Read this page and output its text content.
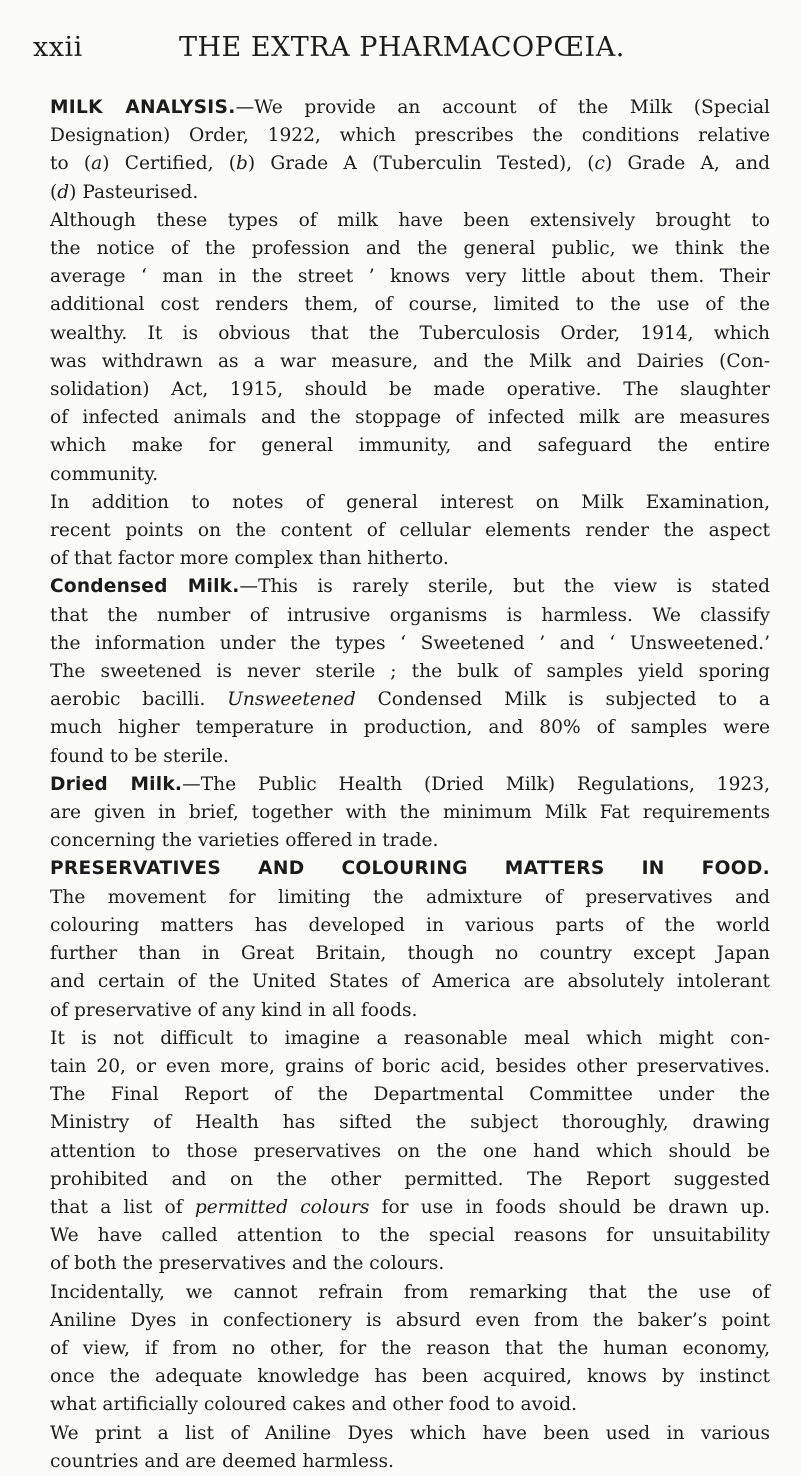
xxii	THE EXTRA PHARMACOPŒIA.
MILK ANALYSIS.—We provide an account of the Milk (Special
Designation) Order, 1922, which prescribes the conditions relative
to (a) Certified, (b) Grade A (Tuberculin Tested), (c) Grade A, and
(d) Pasteurised.
Although these types of milk have been extensively brought to
the notice of the profession and the general public, we think the
average ‘ man in the street ’ knows very little about them. Their
additional cost renders them, of course, limited to the use of the
wealthy. It is obvious that the Tuberculosis Order, 1914, which
was withdrawn as a war measure, and the Milk and Dairies (Con-
solidation) Act, 1915, should be made operative. The slaughter
of infected animals and the stoppage of infected milk are measures
which make for general immunity, and safeguard the entire
community.
In addition to notes of general interest on Milk Examination,
recent points on the content of cellular elements render the aspect
of that factor more complex than hitherto.
Condensed Milk.—This is rarely sterile, but the view is stated
that the number of intrusive organisms is harmless. We classify
the information under the types ‘ Sweetened ’ and ‘ Unsweetened.’
The sweetened is never sterile ; the bulk of samples yield sporing
aerobic bacilli. Unsweetened Condensed Milk is subjected to a
much higher temperature in production, and 80% of samples were
found to be sterile.
Dried Milk.—The Public Health (Dried Milk) Regulations, 1923,
are given in brief, together with the minimum Milk Fat requirements
concerning the varieties offered in trade.
PRESERVATIVES AND COLOURING MATTERS IN FOOD.
The movement for limiting the admixture of preservatives and
colouring matters has developed in various parts of the world
further than in Great Britain, though no country except Japan
and certain of the United States of America are absolutely intolerant
of preservative of any kind in all foods.
It is not difficult to imagine a reasonable meal which might con-
tain 20, or even more, grains of boric acid, besides other preservatives.
The Final Report of the Departmental Committee under the
Ministry of Health has sifted the subject thoroughly, drawing
attention to those preservatives on the one hand which should be
prohibited and on the other permitted. The Report suggested
that a list of permitted colours for use in foods should be drawn up.
We have called attention to the special reasons for unsuitability
of both the preservatives and the colours.
Incidentally, we cannot refrain from remarking that the use of
Aniline Dyes in confectionery is absurd even from the baker’s point
of view, if from no other, for the reason that the human economy,
once the adequate knowledge has been acquired, knows by instinct
what artificially coloured cakes and other food to avoid.
We print a list of Aniline Dyes which have been used in various
countries and are deemed harmless.
